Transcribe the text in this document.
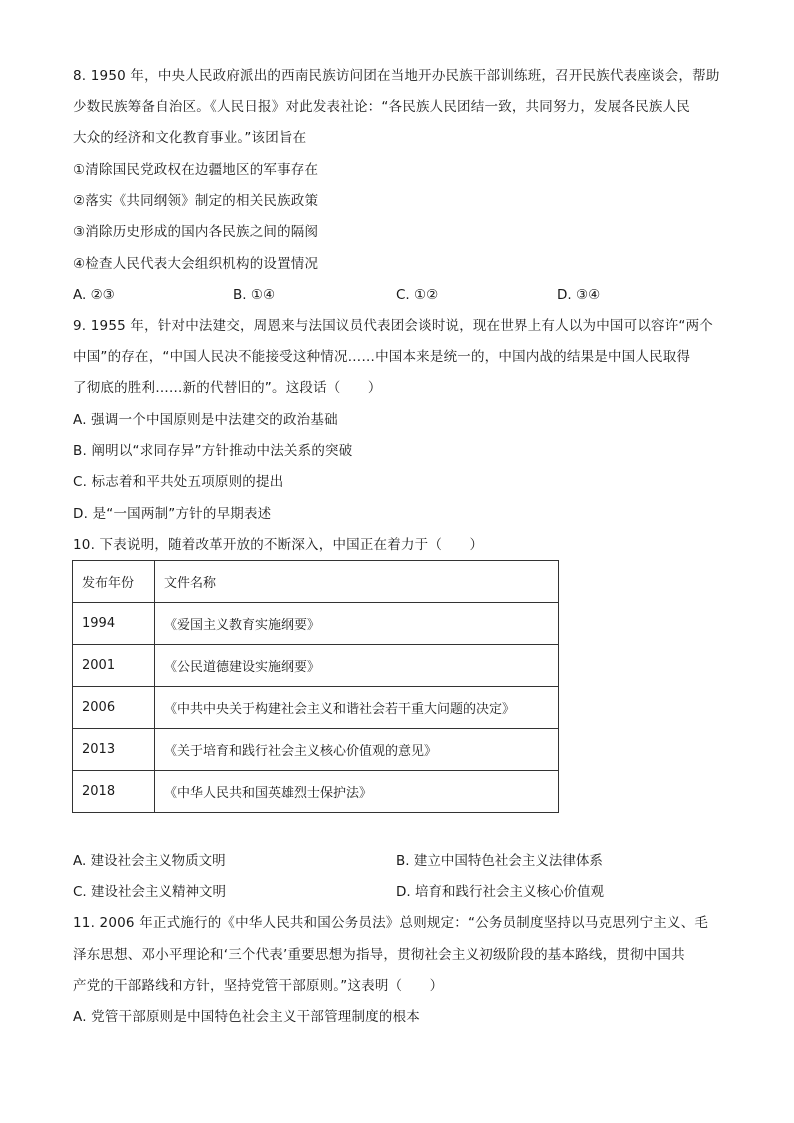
8. 1950 年，中央人民政府派出的西南民族访问团在当地开办民族干部训练班，召开民族代表座谈会，帮助
少数民族筹备自治区。《人民日报》对此发表社论：“各民族人民团结一致，共同努力，发展各民族人民
大众的经济和文化教育事业。”该团旨在
①清除国民党政权在边疆地区的军事存在
②落实《共同纲领》制定的相关民族政策
③消除历史形成的国内各民族之间的隔阂
④检查人民代表大会组织机构的设置情况
A. ②③	B. ①④	C. ①②	D. ③④
9. 1955 年，针对中法建交，周恩来与法国议员代表团会谈时说，现在世界上有人以为中国可以容许“两个
中国”的存在，“中国人民决不能接受这种情况……中国本来是统一的，中国内战的结果是中国人民取得
了彻底的胜利……新的代替旧的”。这段话（　　）
A. 强调一个中国原则是中法建交的政治基础
B. 阐明以“求同存异”方针推动中法关系的突破
C. 标志着和平共处五项原则的提出
D. 是“一国两制”方针的早期表述
10. 下表说明，随着改革开放的不断深入，中国正在着力于（　　）
发布年份	文件名称
1994	《爱国主义教育实施纲要》
2001	《公民道德建设实施纲要》
2006	《中共中央关于构建社会主义和谐社会若干重大问题的决定》
2013	《关于培育和践行社会主义核心价值观的意见》
2018	《中华人民共和国英雄烈士保护法》
A. 建设社会主义物质文明	B. 建立中国特色社会主义法律体系
C. 建设社会主义精神文明	D. 培育和践行社会主义核心价值观
11. 2006 年正式施行的《中华人民共和国公务员法》总则规定：“公务员制度坚持以马克思列宁主义、毛
泽东思想、邓小平理论和‘三个代表’重要思想为指导，贯彻社会主义初级阶段的基本路线，贯彻中国共
产党的干部路线和方针，坚持党管干部原则。”这表明（　　）
A. 党管干部原则是中国特色社会主义干部管理制度的根本
